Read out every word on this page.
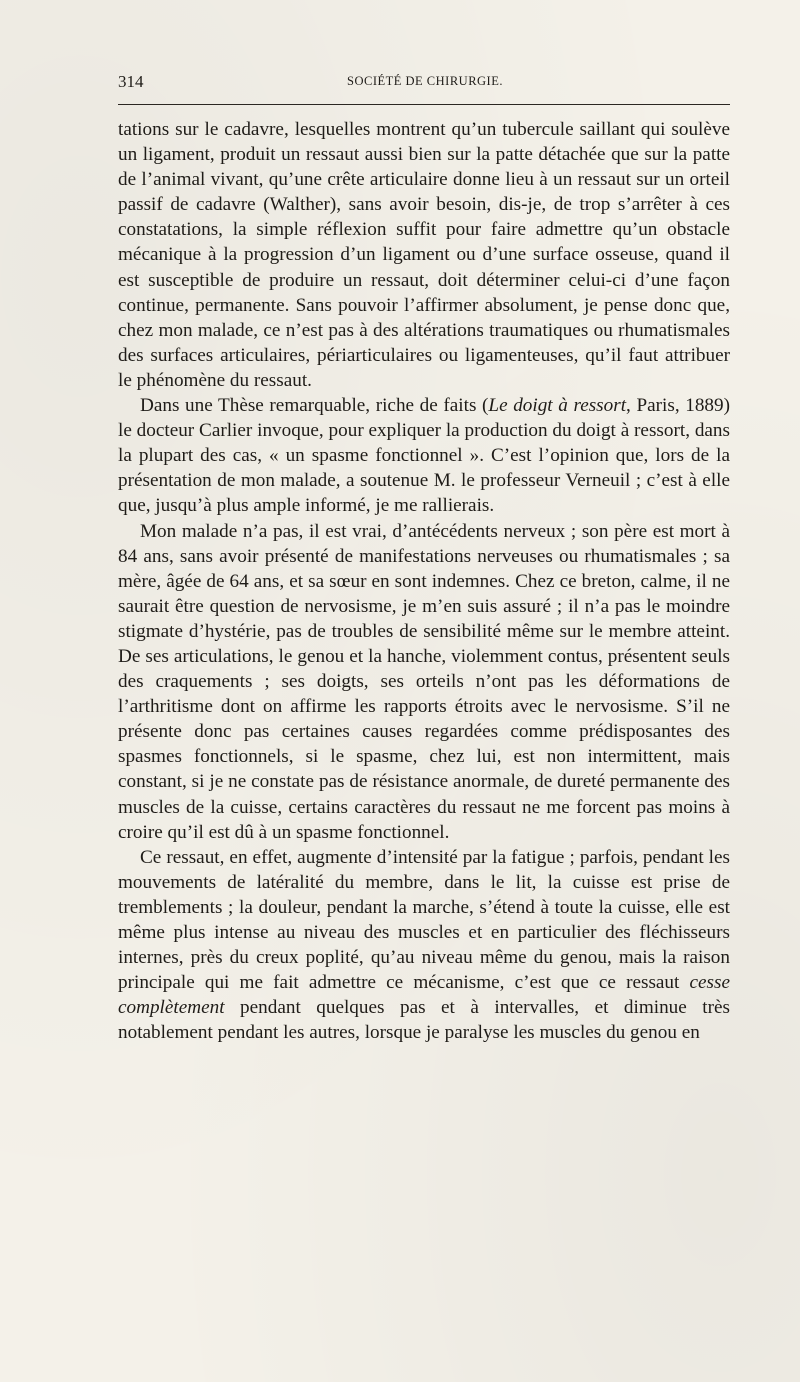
314	SOCIÉTÉ DE CHIRURGIE.

tations sur le cadavre, lesquelles montrent qu’un tubercule saillant qui soulève un ligament, produit un ressaut aussi bien sur la patte détachée que sur la patte de l’animal vivant, qu’une crête articulaire donne lieu à un ressaut sur un orteil passif de cadavre (Walther), sans avoir besoin, dis-je, de trop s’arrêter à ces constatations, la simple réflexion suffit pour faire admettre qu’un obstacle mécanique à la progression d’un ligament ou d’une surface osseuse, quand il est susceptible de produire un ressaut, doit déterminer celui-ci d’une façon continue, permanente. Sans pouvoir l’affirmer absolument, je pense donc que, chez mon malade, ce n’est pas à des altérations traumatiques ou rhumatismales des surfaces articulaires, périarticulaires ou ligamenteuses, qu’il faut attribuer le phénomène du ressaut.

Dans une Thèse remarquable, riche de faits (Le doigt à ressort, Paris, 1889) le docteur Carlier invoque, pour expliquer la production du doigt à ressort, dans la plupart des cas, « un spasme fonctionnel ». C’est l’opinion que, lors de la présentation de mon malade, a soutenue M. le professeur Verneuil ; c’est à elle que, jusqu’à plus ample informé, je me rallierais.

Mon malade n’a pas, il est vrai, d’antécédents nerveux ; son père est mort à 84 ans, sans avoir présenté de manifestations nerveuses ou rhumatismales ; sa mère, âgée de 64 ans, et sa sœur en sont indemnes. Chez ce breton, calme, il ne saurait être question de nervosisme, je m’en suis assuré ; il n’a pas le moindre stigmate d’hystérie, pas de troubles de sensibilité même sur le membre atteint. De ses articulations, le genou et la hanche, violemment contus, présentent seuls des craquements ; ses doigts, ses orteils n’ont pas les déformations de l’arthritisme dont on affirme les rapports étroits avec le nervosisme. S’il ne présente donc pas certaines causes regardées comme prédisposantes des spasmes fonctionnels, si le spasme, chez lui, est non intermittent, mais constant, si je ne constate pas de résistance anormale, de dureté permanente des muscles de la cuisse, certains caractères du ressaut ne me forcent pas moins à croire qu’il est dû à un spasme fonctionnel.

Ce ressaut, en effet, augmente d’intensité par la fatigue ; parfois, pendant les mouvements de latéralité du membre, dans le lit, la cuisse est prise de tremblements ; la douleur, pendant la marche, s’étend à toute la cuisse, elle est même plus intense au niveau des muscles et en particulier des fléchisseurs internes, près du creux poplité, qu’au niveau même du genou, mais la raison principale qui me fait admettre ce mécanisme, c’est que ce ressaut cesse complètement pendant quelques pas et à intervalles, et diminue très notablement pendant les autres, lorsque je paralyse les muscles du genou en
